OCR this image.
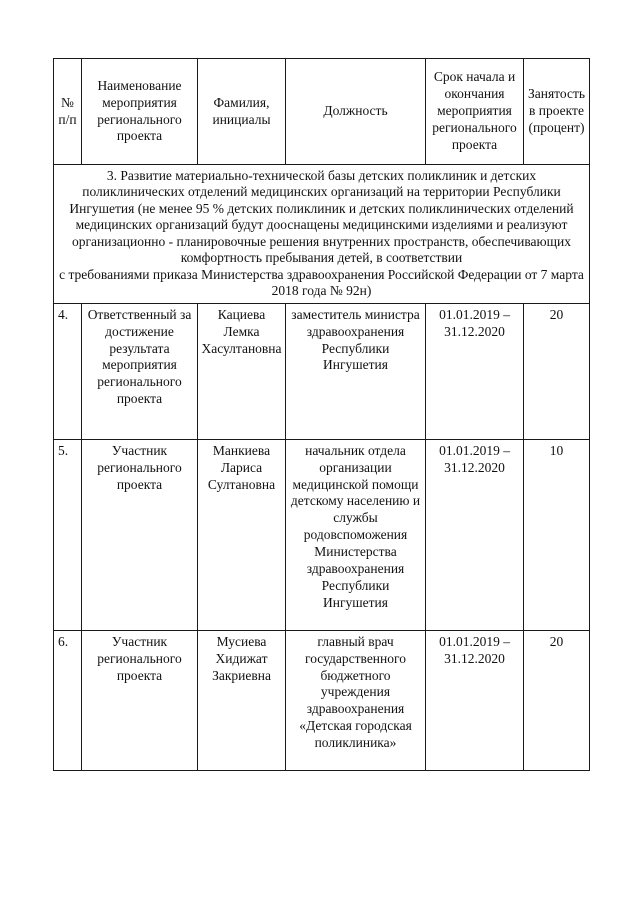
№ п/п	Наименование мероприятия регионального проекта	Фамилия, инициалы	Должность	Срок начала и окончания мероприятия регионального проекта	Занятость в проекте (процент)
3. Развитие материально-технической базы детских поликлиник и детских поликлинических отделений медицинских организаций на территории Республики Ингушетия (не менее 95 % детских поликлиник и детских поликлинических отделений медицинских организаций будут дооснащены медицинскими изделиями и реализуют организационно - планировочные решения внутренних пространств, обеспечивающих комфортность пребывания детей, в соответствии
с требованиями приказа Министерства здравоохранения Российской Федерации от 7 марта 2018 года № 92н)					

4.	Ответственный за достижение результата мероприятия регионального проекта	Кациева Лемка Хасултановна	заместитель министра здравоохранения Республики Ингушетия	01.01.2019 – 31.12.2020	20
5.	Участник регионального проекта	Манкиева Лариса Султановна	начальник отдела организации медицинской помощи детскому населению и службы родовспоможения Министерства здравоохранения Республики Ингушетия	01.01.2019 – 31.12.2020	10
6.	Участник регионального проекта	Мусиева Хидижат Закриевна	главный врач государственного бюджетного учреждения здравоохранения «Детская городская поликлиника»	01.01.2019 – 31.12.2020	20
